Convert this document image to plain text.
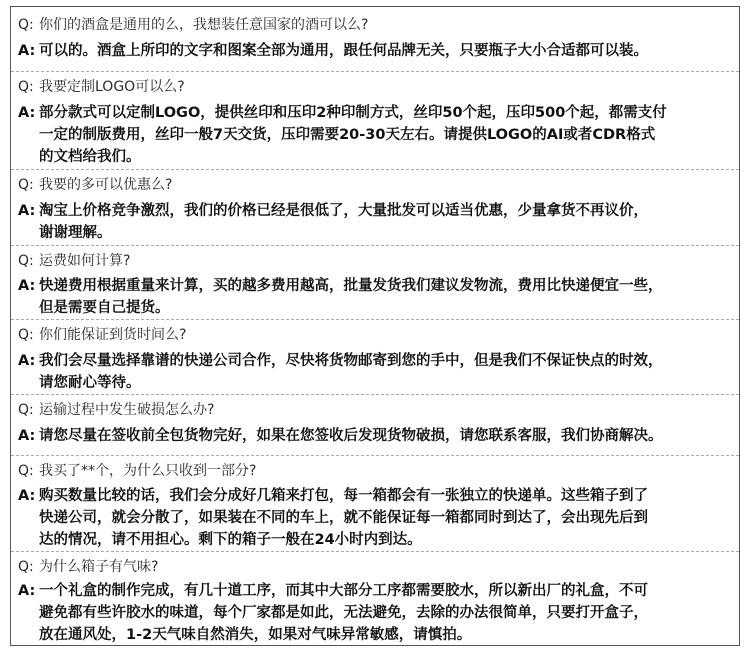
Q: 你们的酒盒是通用的么，我想装任意国家的酒可以么?
A: 可以的。酒盒上所印的文字和图案全部为通用，跟任何品牌无关，只要瓶子大小合适都可以装。
Q: 我要定制LOGO可以么?
A: 部分款式可以定制LOGO，提供丝印和压印2种印制方式，丝印50个起，压印500个起，都需支付
一定的制版费用，丝印一般7天交货，压印需要20-30天左右。请提供LOGO的AI或者CDR格式
的文档给我们。
Q: 我要的多可以优惠么?
A: 淘宝上价格竞争激烈，我们的价格已经是很低了，大量批发可以适当优惠，少量拿货不再议价，
谢谢理解。
Q: 运费如何计算?
A: 快递费用根据重量来计算，买的越多费用越高，批量发货我们建议发物流，费用比快递便宜一些，
但是需要自己提货。
Q: 你们能保证到货时间么?
A: 我们会尽量选择靠谱的快递公司合作，尽快将货物邮寄到您的手中，但是我们不保证快点的时效，
请您耐心等待。
Q: 运输过程中发生破损怎么办?
A: 请您尽量在签收前全包货物完好，如果在您签收后发现货物破损，请您联系客服，我们协商解决。
Q: 我买了**个，为什么只收到一部分?
A: 购买数量比较的话，我们会分成好几箱来打包，每一箱都会有一张独立的快递单。这些箱子到了
快递公司，就会分散了，如果装在不同的车上，就不能保证每一箱都同时到达了，会出现先后到
达的情况，请不用担心。剩下的箱子一般在24小时内到达。
Q: 为什么箱子有气味?
A: 一个礼盒的制作完成，有几十道工序，而其中大部分工序都需要胶水，所以新出厂的礼盒，不可
避免都有些许胶水的味道，每个厂家都是如此，无法避免，去除的办法很简单，只要打开盒子，
放在通风处，1-2天气味自然消失，如果对气味异常敏感，请慎拍。
